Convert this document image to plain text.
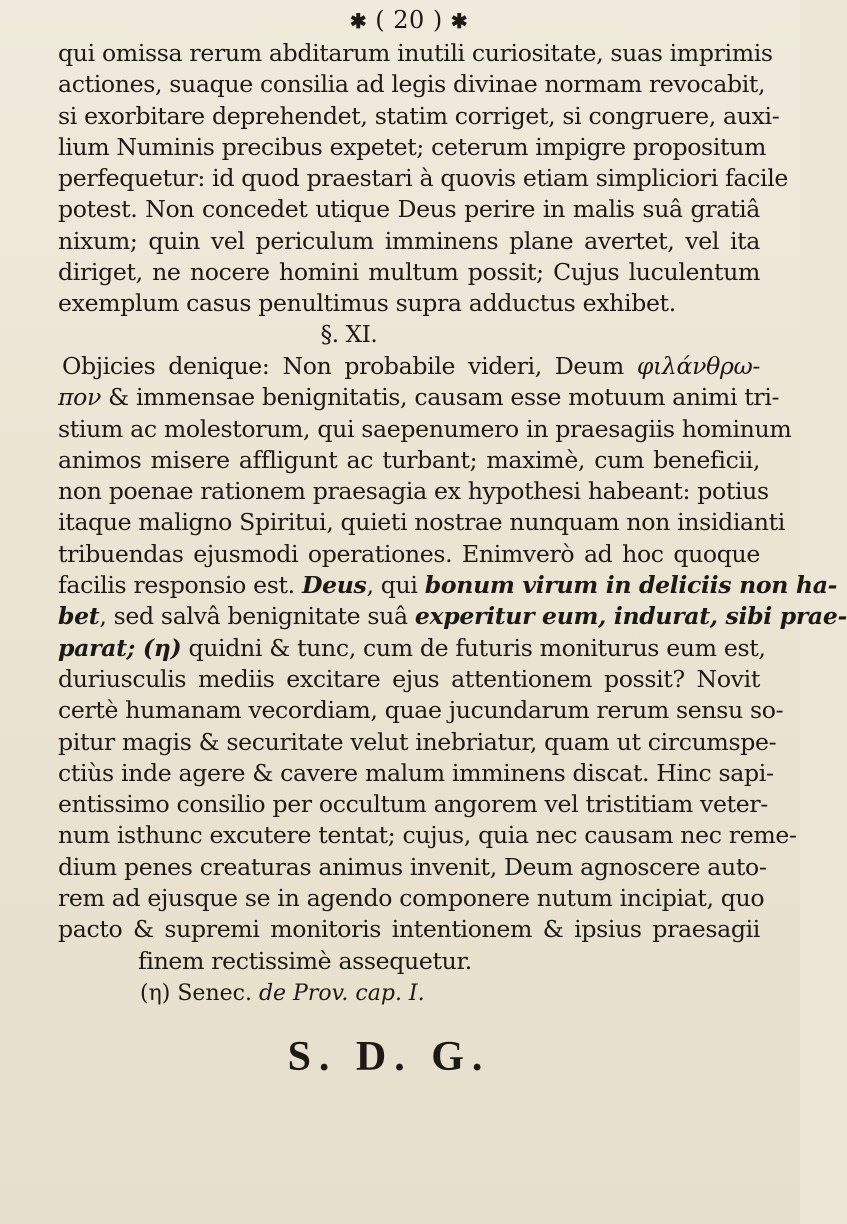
✱ ( 20 ) ✱
qui omissa rerum abditarum inutili curiositate, suas imprimis
actiones, suaque consilia ad legis divinae normam revocabit,
si exorbitare deprehendet, statim corriget, si congruere, auxi-
lium Numinis precibus expetet; ceterum impigre propositum
perfequetur: id quod praestari à quovis etiam simpliciori facile
potest. Non concedet utique Deus perire in malis suâ gratiâ
nixum; quin vel periculum imminens plane avertet, vel ita
diriget, ne nocere homini multum possit; Cujus luculentum
exemplum casus penultimus supra adductus exhibet.
§. XI.
Objicies denique: Non probabile videri, Deum φιλάνθρω-
πον & immensae benignitatis, causam esse motuum animi tri-
stium ac molestorum, qui saepenumero in praesagiis hominum
animos misere affligunt ac turbant; maximè, cum beneficii,
non poenae rationem praesagia ex hypothesi habeant: potius
itaque maligno Spiritui, quieti nostrae nunquam non insidianti
tribuendas ejusmodi operationes. Enimverò ad hoc quoque
facilis responsio est. Deus, qui bonum virum in deliciis non ha-
bet, sed salvâ benignitate suâ experitur eum, indurat, sibi prae-
parat; (η) quidni & tunc, cum de futuris moniturus eum est,
duriusculis mediis excitare ejus attentionem possit? Novit
certè humanam vecordiam, quae jucundarum rerum sensu so-
pitur magis & securitate velut inebriatur, quam ut circumspe-
ctiùs inde agere & cavere malum imminens discat. Hinc sapi-
entissimo consilio per occultum angorem vel tristitiam veter-
num isthunc excutere tentat; cujus, quia nec causam nec reme-
dium penes creaturas animus invenit, Deum agnoscere auto-
rem ad ejusque se in agendo componere nutum incipiat, quo
pacto & supremi monitoris intentionem & ipsius praesagii
finem rectissimè assequetur.
(η) Senec. de Prov. cap. I.
S. D. G.
